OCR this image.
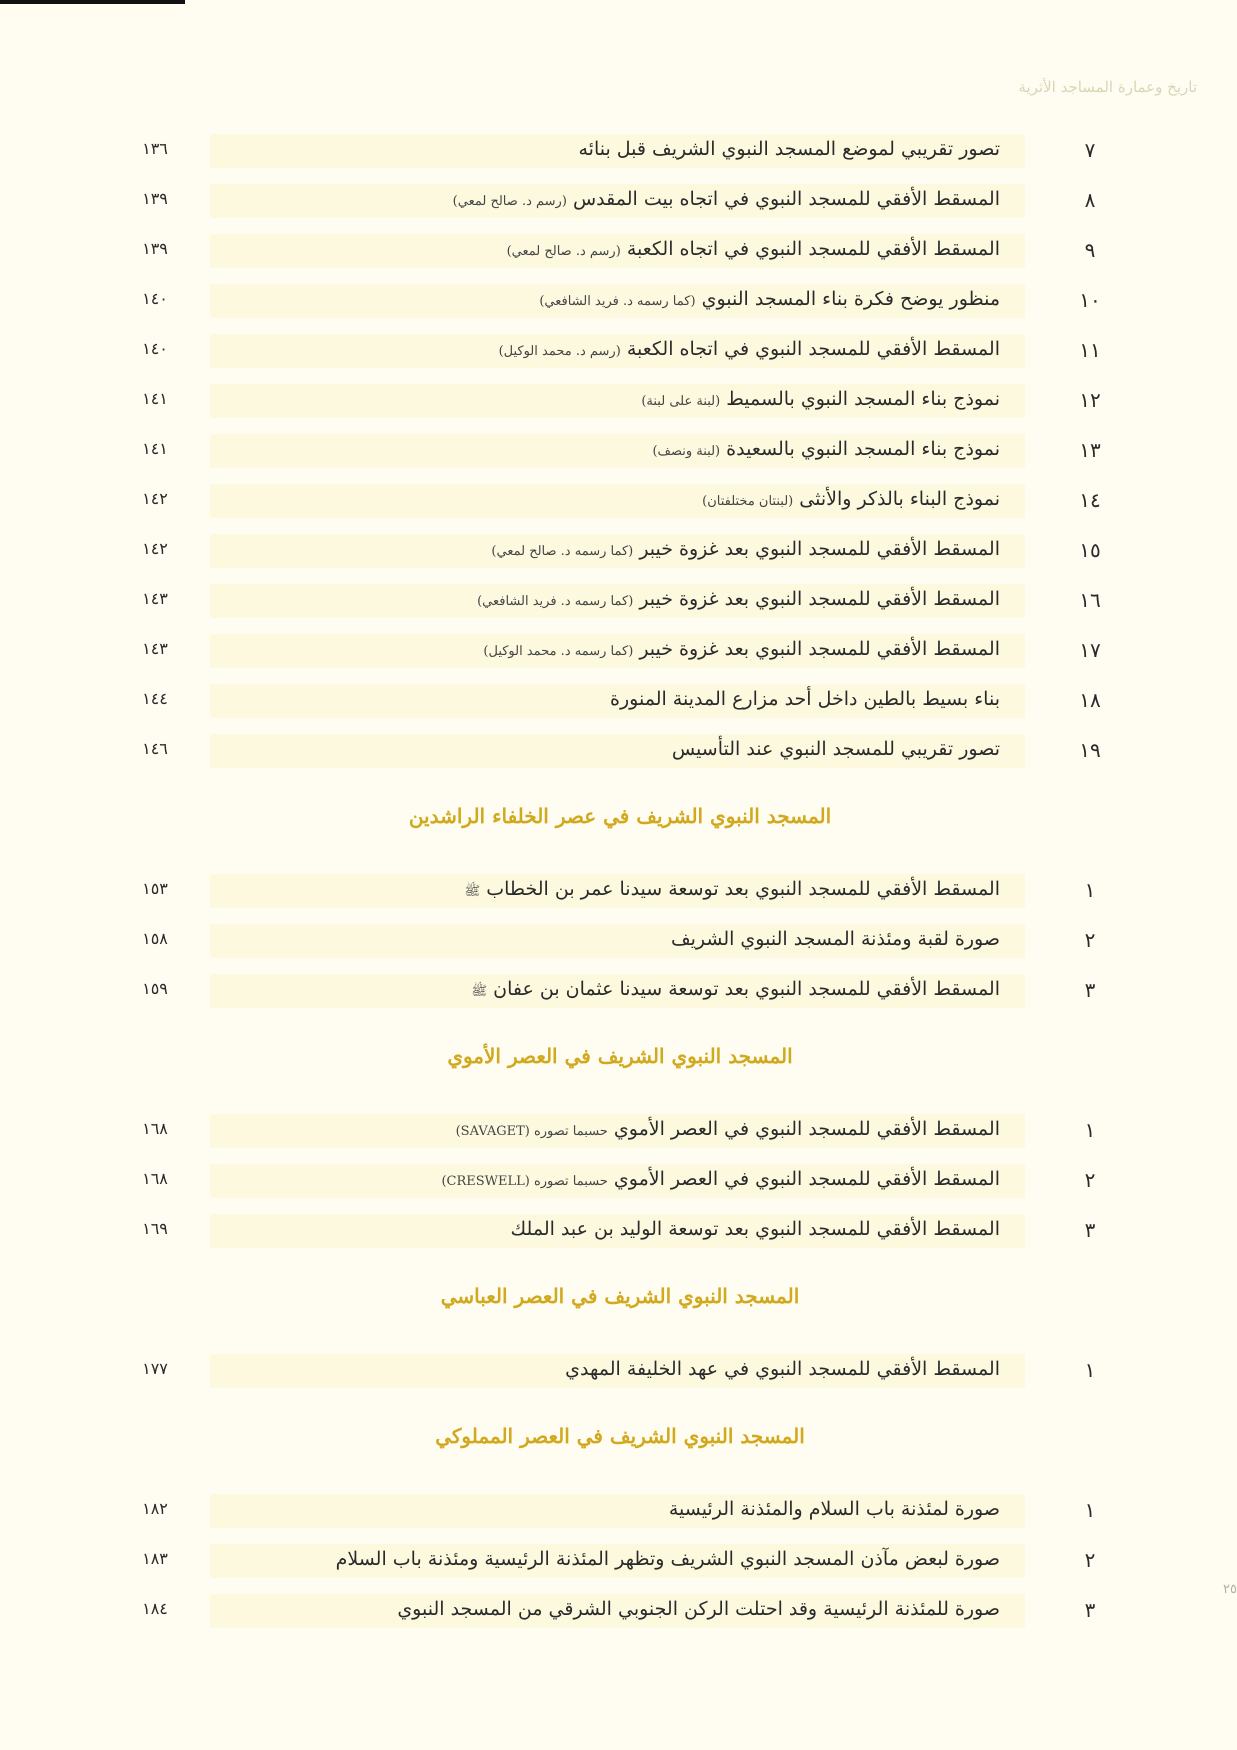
تاريخ وعمارة المساجد الأثرية
٢٥
٧
تصور تقريبي لموضع المسجد النبوي الشريف قبل بنائه
١٣٦
٨
المسقط الأفقي للمسجد النبوي في اتجاه بيت المقدس (رسم د. صالح لمعي)
١٣٩
٩
المسقط الأفقي للمسجد النبوي في اتجاه الكعبة (رسم د. صالح لمعي)
١٣٩
١٠
منظور يوضح فكرة بناء المسجد النبوي (كما رسمه د. فريد الشافعي)
١٤٠
١١
المسقط الأفقي للمسجد النبوي في اتجاه الكعبة (رسم د. محمد الوكيل)
١٤٠
١٢
نموذج بناء المسجد النبوي بالسميط (لبنة على لبنة)
١٤١
١٣
نموذج بناء المسجد النبوي بالسعيدة (لبنة ونصف)
١٤١
١٤
نموذج البناء بالذكر والأنثى (لبنتان مختلفتان)
١٤٢
١٥
المسقط الأفقي للمسجد النبوي بعد غزوة خيبر (كما رسمه د. صالح لمعي)
١٤٢
١٦
المسقط الأفقي للمسجد النبوي بعد غزوة خيبر (كما رسمه د. فريد الشافعي)
١٤٣
١٧
المسقط الأفقي للمسجد النبوي بعد غزوة خيبر (كما رسمه د. محمد الوكيل)
١٤٣
١٨
بناء بسيط بالطين داخل أحد مزارع المدينة المنورة
١٤٤
١٩
تصور تقريبي للمسجد النبوي عند التأسيس
١٤٦
المسجد النبوي الشريف في عصر الخلفاء الراشدين
١
المسقط الأفقي للمسجد النبوي بعد توسعة سيدنا عمر بن الخطاب ﷺ
١٥٣
٢
صورة لقبة ومئذنة المسجد النبوي الشريف
١٥٨
٣
المسقط الأفقي للمسجد النبوي بعد توسعة سيدنا عثمان بن عفان ﷺ
١٥٩
المسجد النبوي الشريف في العصر الأموي
١
المسقط الأفقي للمسجد النبوي في العصر الأموي حسبما تصوره (SAVAGET)
١٦٨
٢
المسقط الأفقي للمسجد النبوي في العصر الأموي حسبما تصوره (CRESWELL)
١٦٨
٣
المسقط الأفقي للمسجد النبوي بعد توسعة الوليد بن عبد الملك
١٦٩
المسجد النبوي الشريف في العصر العباسي
١
المسقط الأفقي للمسجد النبوي في عهد الخليفة المهدي
١٧٧
المسجد النبوي الشريف في العصر المملوكي
١
صورة لمئذنة باب السلام والمئذنة الرئيسية
١٨٢
٢
صورة لبعض مآذن المسجد النبوي الشريف وتظهر المئذنة الرئيسية ومئذنة باب السلام
١٨٣
٣
صورة للمئذنة الرئيسية وقد احتلت الركن الجنوبي الشرقي من المسجد النبوي
١٨٤
